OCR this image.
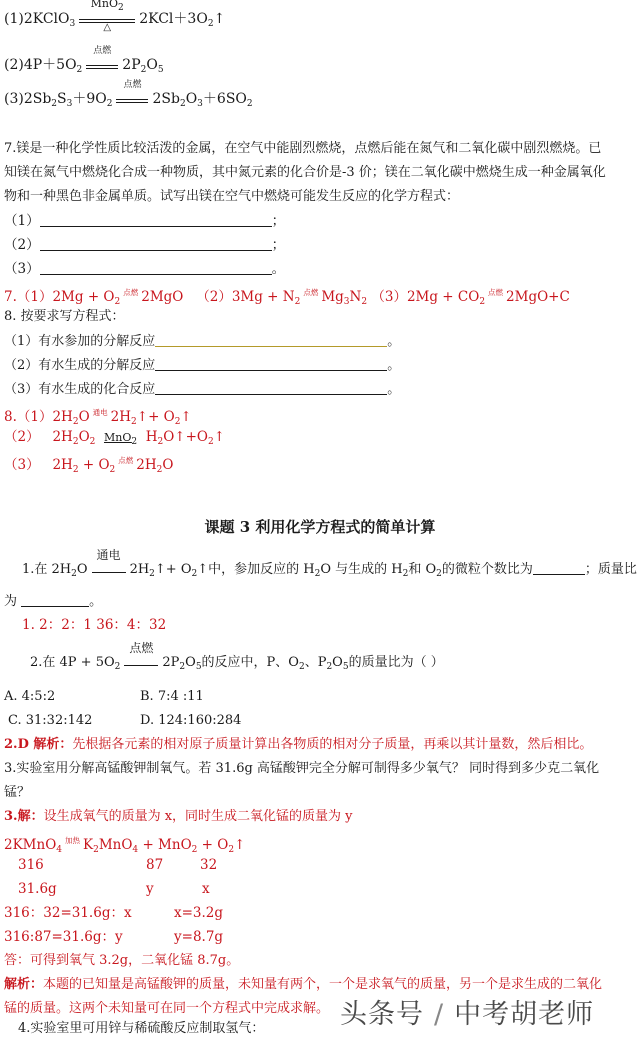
(1)2KClO$_3$
MnO$_2$
△
$2KCl+3O_2↑$
$(2)4P+5O_2$
点燃
$2P_2O_5$
$(3)2Sb_2S_3+9O_2$
点燃
$2Sb_2O_3+6SO_2$
7.镁是一种化学性质比较活泼的金属，在空气中能剧烈燃烧，点燃后能在氮气和二氧化碳中剧烈燃烧。已
知镁在氮气中燃烧化合成一种物质，其中氮元素的化合价是-3 价；镁在二氧化碳中燃烧生成一种金属氧化
物和一种黑色非金属单质。试写出镁在空气中燃烧可能发生反应的化学方程式：
（1）	；
（2）	；
（3）	。
$7.(1)2Mg + O_2^{点燃}$ 2MgO $(2)3Mg + N_2^{点燃}$ $Mg_3N_2$ $(3)2Mg + CO_2^{点燃}$ 2MgO+C
8. 按要求写方程式：
（1）有水参加的分解反应	。
（2）有水生成的分解反应	。
（3）有水生成的化合反应	。
$8.(1)2H_2O$ $^{通电}$ $2H_2↑+$ $O_2↑$
（2） $2H_2O_2$ MnO$_2$ $H_2O↑+O_2↑$
（3） $2H_2 + O_2^{点燃}$ $2H_2O$
课题 3 利用化学方程式的简单计算
1.在 $2H_2O$
通电
$2H_2↑+$ $O_2↑$中，参加反应的 $H_2O$ 与生成的 $H_2$和 $O_2$的微粒个数比为	；质量比
为	。
1. 2：2：1 36：4：32
2.在 $4P + 5O_2$
点燃
$2P_2O_5$的反应中，P、$O_2$、$P_2O_5$的质量比为（ ）
A. 4:5:2	B. 7:4 :11
C. 31:32:142	D. 124:160:284
2.D 解析：先根据各元素的相对原子质量计算出各物质的相对分子质量，再乘以其计量数，然后相比。
3.实验室用分解高锰酸钾制氧气。若 31.6g 高锰酸钾完全分解可制得多少氧气？ 同时得到多少克二氧化
锰？
3.解：设生成氧气的质量为 x，同时生成二氧化锰的质量为 y
2KMnO$_4^{加热}$ $K_2MnO_4 + MnO_2$ + $O_2↑$
316	87	32
31.6g	y	x
316：32=31.6g：x	x=3.2g
316:87=31.6g：y	y=8.7g
答：可得到氧气 3.2g，二氧化锰 8.7g。
解析：本题的已知量是高锰酸钾的质量，未知量有两个，一个是求氧气的质量，另一个是求生成的二氧化
锰的质量。这两个未知量可在同一个方程式中完成求解。
4.实验室里可用锌与稀硫酸反应制取氢气：	头条号 / 中考胡老师
